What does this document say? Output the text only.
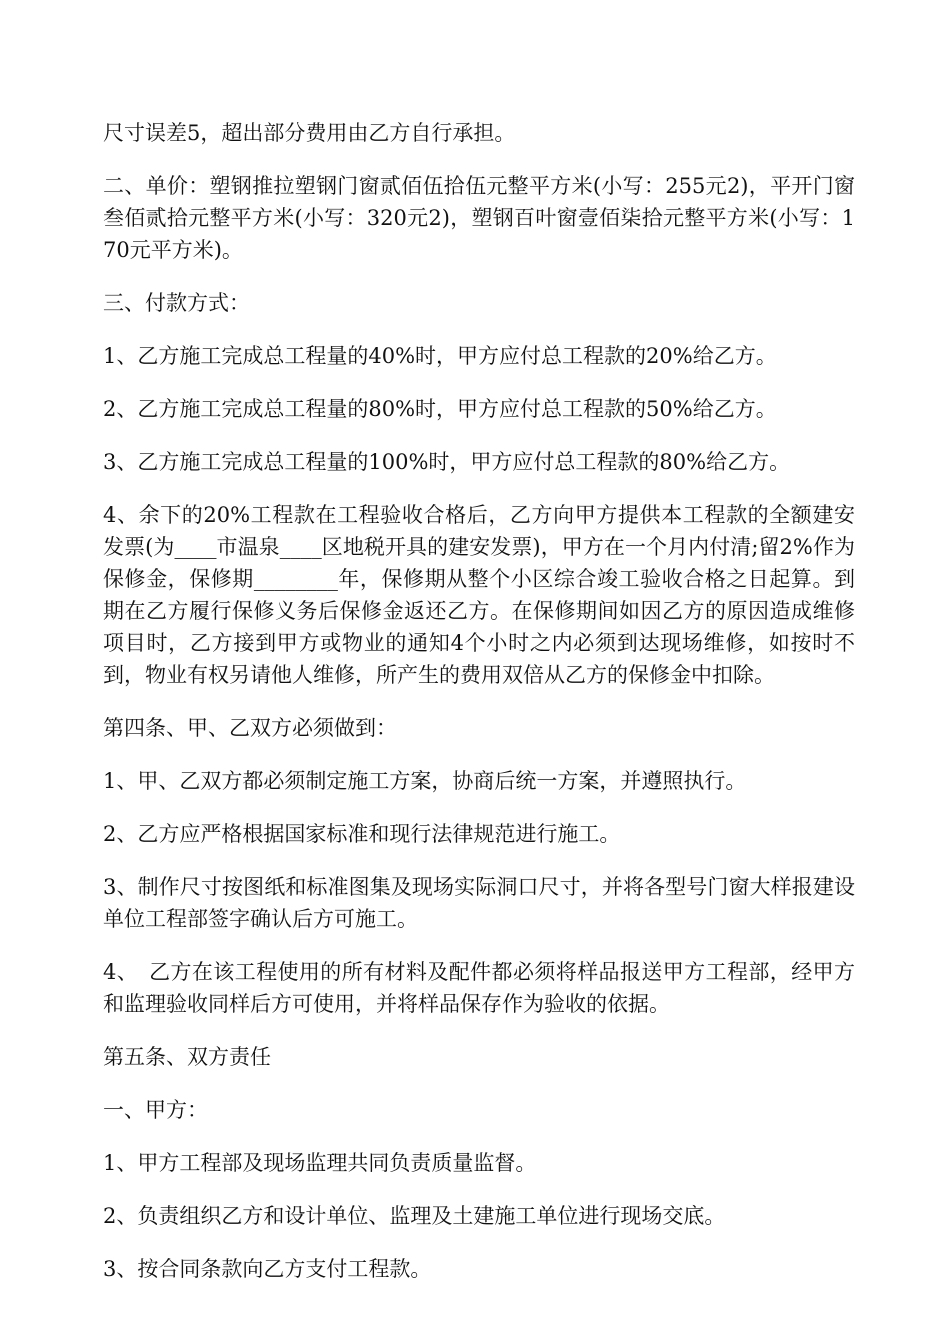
尺寸误差5，超出部分费用由乙方自行承担。

二、单价：塑钢推拉塑钢门窗贰佰伍拾伍元整平方米(小写：255元2)，平开门窗叁佰贰拾元整平方米(小写：320元2)，塑钢百叶窗壹佰柒拾元整平方米(小写：170元平方米)。

三、付款方式：

1、乙方施工完成总工程量的40%时，甲方应付总工程款的20%给乙方。

2、乙方施工完成总工程量的80%时，甲方应付总工程款的50%给乙方。

3、乙方施工完成总工程量的100%时，甲方应付总工程款的80%给乙方。

4、余下的20%工程款在工程验收合格后，乙方向甲方提供本工程款的全额建安发票(为____市温泉____区地税开具的建安发票)，甲方在一个月内付清;留2%作为保修金，保修期________年，保修期从整个小区综合竣工验收合格之日起算。到期在乙方履行保修义务后保修金返还乙方。在保修期间如因乙方的原因造成维修项目时，乙方接到甲方或物业的通知4个小时之内必须到达现场维修，如按时不到，物业有权另请他人维修，所产生的费用双倍从乙方的保修金中扣除。

第四条、甲、乙双方必须做到：

1、甲、乙双方都必须制定施工方案，协商后统一方案，并遵照执行。

2、乙方应严格根据国家标准和现行法律规范进行施工。

3、制作尺寸按图纸和标准图集及现场实际洞口尺寸，并将各型号门窗大样报建设单位工程部签字确认后方可施工。

4、　乙方在该工程使用的所有材料及配件都必须将样品报送甲方工程部，经甲方和监理验收同样后方可使用，并将样品保存作为验收的依据。

第五条、双方责任

一、甲方：

1、甲方工程部及现场监理共同负责质量监督。

2、负责组织乙方和设计单位、监理及土建施工单位进行现场交底。

3、按合同条款向乙方支付工程款。
